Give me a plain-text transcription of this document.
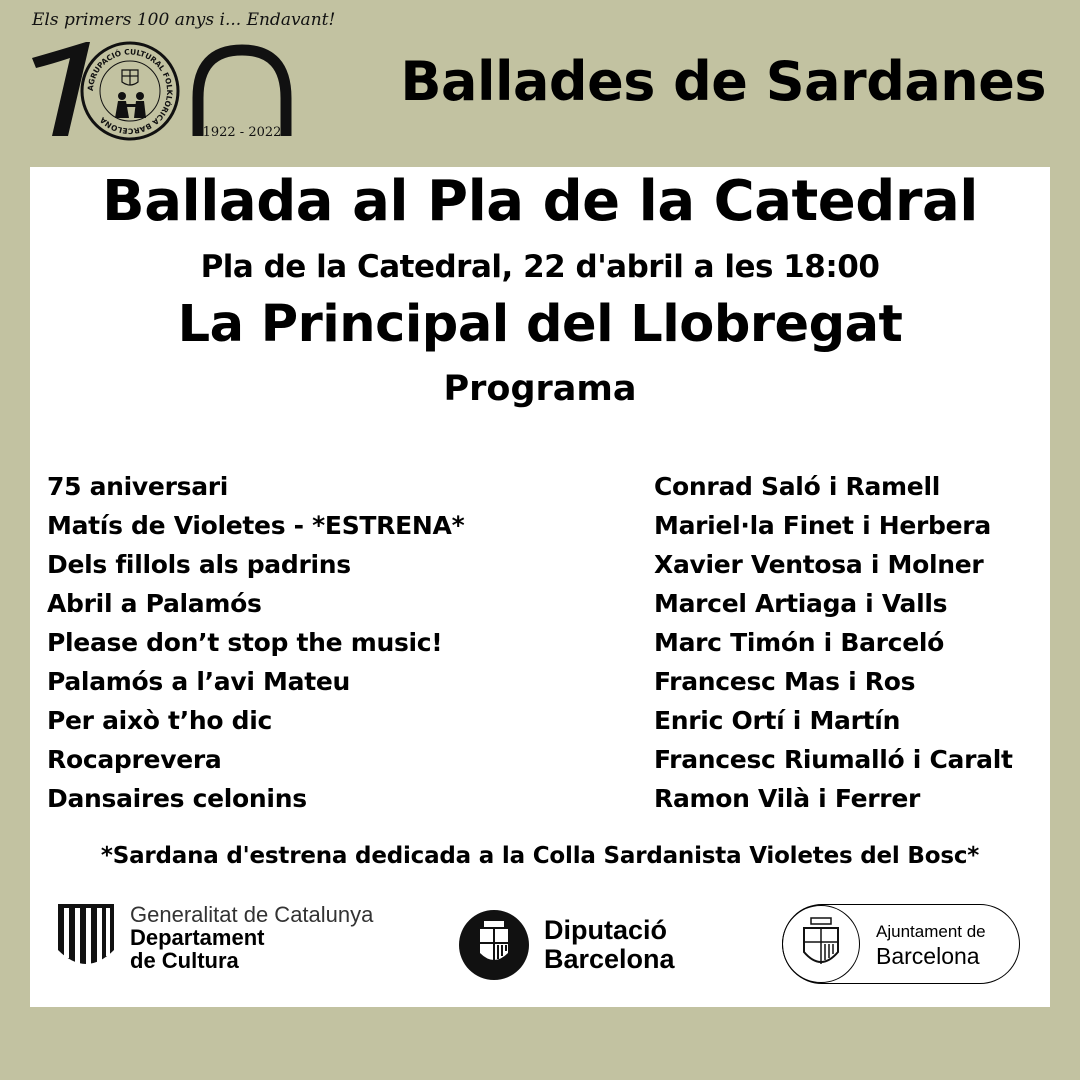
Els primers 100 anys i... Endavant!
AGRUPACIÓ CULTURAL FOLKLÒRICA BARCELONA
1922 - 2022
Ballades de Sardanes
Ballada al Pla de la Catedral
Pla de la Catedral, 22 d'abril a les 18:00
La Principal del Llobregat
Programa
75 aniversari
Matís de Violetes - *ESTRENA*
Dels fillols als padrins
Abril a Palamós
Please don’t stop the music!
Palamós a l’avi Mateu
Per això t’ho dic
Rocaprevera
Dansaires celonins
Conrad Saló i Ramell
Mariel·la Finet i Herbera
Xavier Ventosa i Molner
Marcel Artiaga i Valls
Marc Timón i Barceló
Francesc Mas i Ros
Enric Ortí i Martín
Francesc Riumalló i Caralt
Ramon Vilà i Ferrer
*Sardana d'estrena dedicada a la Colla Sardanista Violetes del Bosc*
Generalitat de Catalunya
Departament
de Cultura
Diputació
Barcelona
Ajuntament de
Barcelona
